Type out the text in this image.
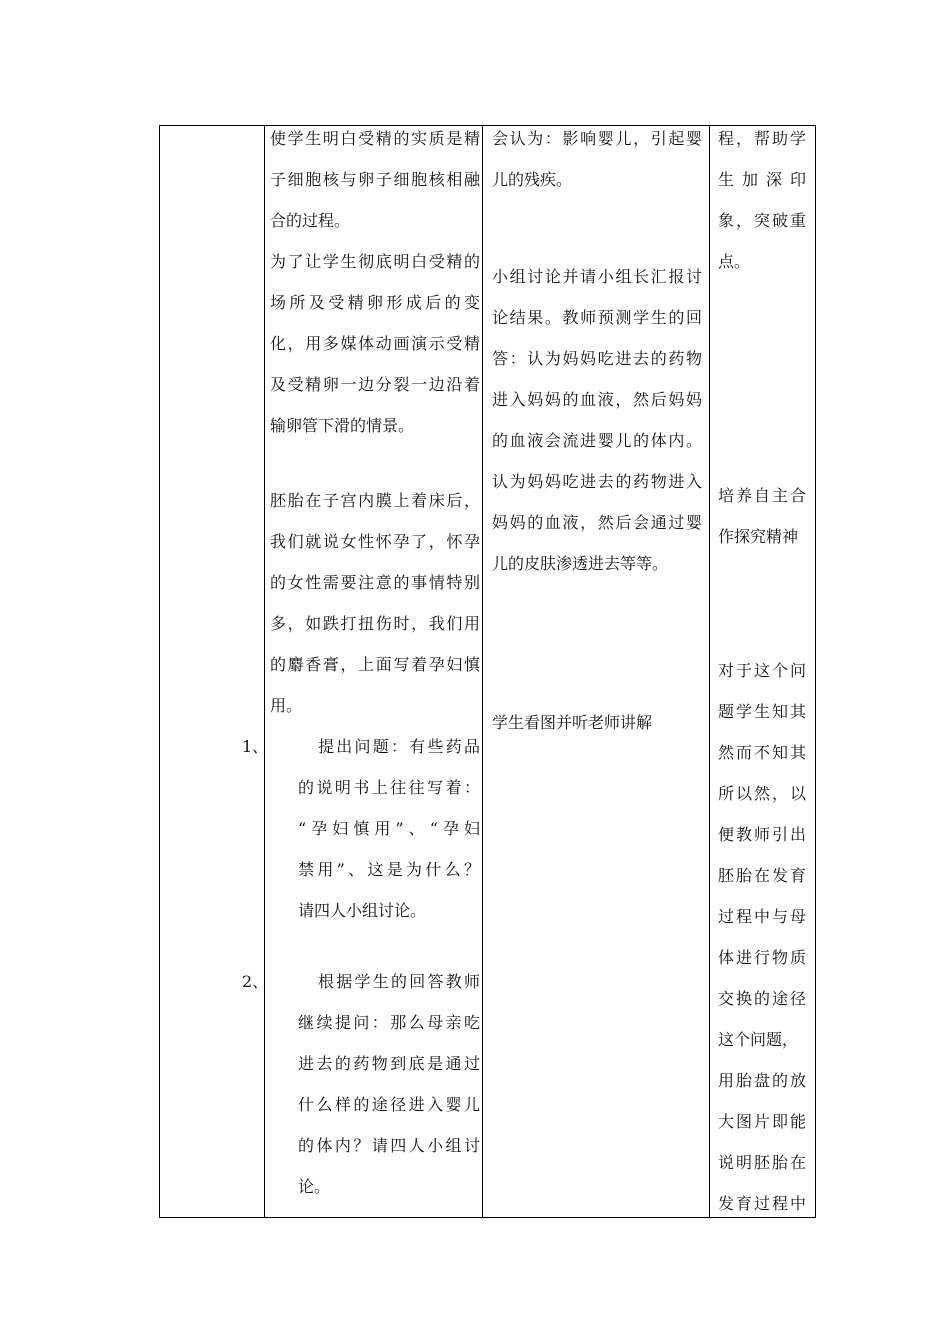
使学生明白受精的实质是精

子细胞核与卵子细胞核相融

合的过程。

为了让学生彻底明白受精的

场所及受精卵形成后的变

化，用多媒体动画演示受精

及受精卵一边分裂一边沿着

输卵管下滑的情景。

胚胎在子宫内膜上着床后，

我们就说女性怀孕了，怀孕

的女性需要注意的事情特别

多，如跌打扭伤时，我们用

的麝香膏，上面写着孕妇慎

用。

1、	提出问题：有些药品

的说明书上往往写着：

“孕妇慎用”、“孕妇

禁用”、这是为什么？

请四人小组讨论。

2、	根据学生的回答教师

继续提问：那么母亲吃

进去的药物到底是通过

什么样的途径进入婴儿

的体内？请四人小组讨

论。

会认为：影响婴儿，引起婴

儿的残疾。

小组讨论并请小组长汇报讨

论结果。教师预测学生的回

答：认为妈妈吃进去的药物

进入妈妈的血液，然后妈妈

的血液会流进婴儿的体内。

认为妈妈吃进去的药物进入

妈妈的血液，然后会通过婴

儿的皮肤渗透进去等等。

学生看图并听老师讲解

程，帮助学

生加深印

象，突破重

点。

培养自主合

作探究精神

对于这个问

题学生知其

然而不知其

所以然，以

便教师引出

胚胎在发育

过程中与母

体进行物质

交换的途径

这个问题，

用胎盘的放

大图片即能

说明胚胎在

发育过程中
